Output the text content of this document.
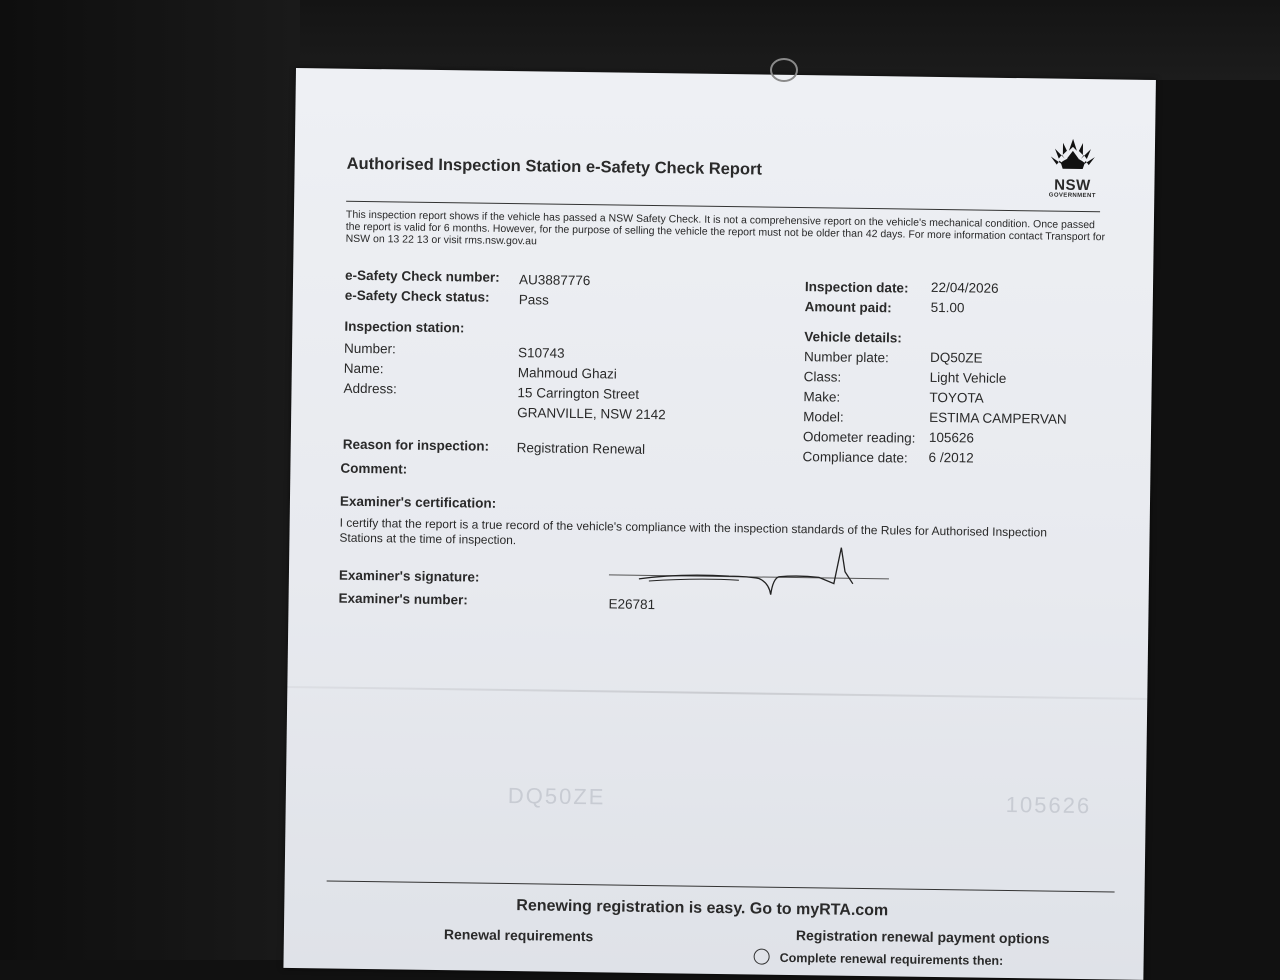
Authorised Inspection Station e-Safety Check Report
NSW
GOVERNMENT
This inspection report shows if the vehicle has passed a NSW Safety Check. It is not a comprehensive report on the vehicle's mechanical condition. Once passed the report is valid for 6 months. However, for the purpose of selling the vehicle the report must not be older than 42 days. For more information contact Transport for NSW on 13 22 13 or visit rms.nsw.gov.au
e-Safety Check number: AU3887776
e-Safety Check status: Pass
Inspection date: 22/04/2026
Amount paid:	51.00
Inspection station:
Number:	S10743
Name:	Mahmoud Ghazi
Address:	15 Carrington Street
GRANVILLE, NSW 2142
Vehicle details:
Number plate:	DQ50ZE
Class:	Light Vehicle
Make:	TOYOTA
Model:	ESTIMA CAMPERVAN
Odometer reading: 105626
Compliance date: 6 /2012
Reason for inspection: Registration Renewal
Comment:
Examiner's certification:
I certify that the report is a true record of the vehicle's compliance with the inspection standards of the Rules for Authorised Inspection Stations at the time of inspection.
Examiner's signature:
Examiner's number:	E26781
DQ50ZE	105626
Renewing registration is easy. Go to myRTA.com
Renewal requirements	Registration renewal payment options
Complete renewal requirements then:
